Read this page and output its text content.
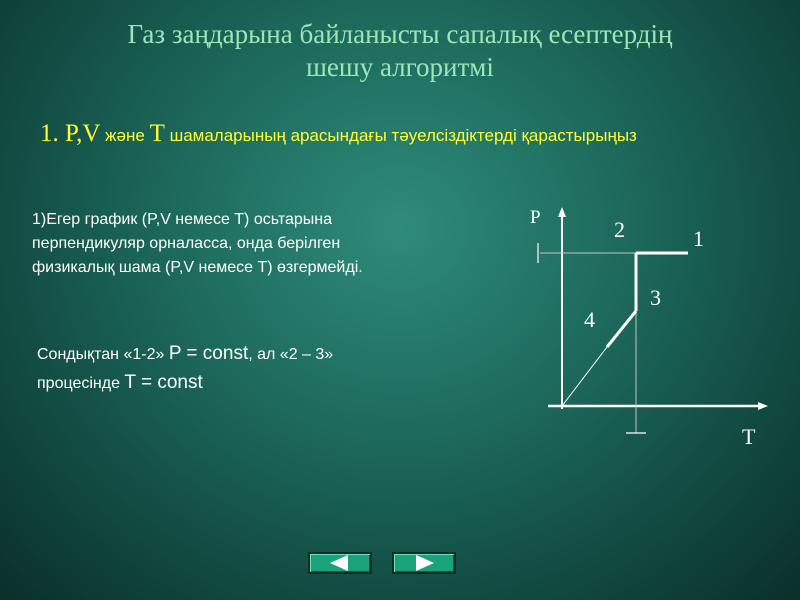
Газ заңдарына байланысты сапалық есептердің
шешу алгоритмі
1. P,V және T шамаларының арасындағы тәуелсіздіктерді қарастырыңыз
1)Егер график (P,V немесе T) осьтарына
перпендикуляр орналасса, онда берілген
физикалық шама (P,V немесе T) өзгермейді.
Сондықтан «1-2» P = const, ал «2 – 3»
процесінде T = const
P
T
1
2
3
4
